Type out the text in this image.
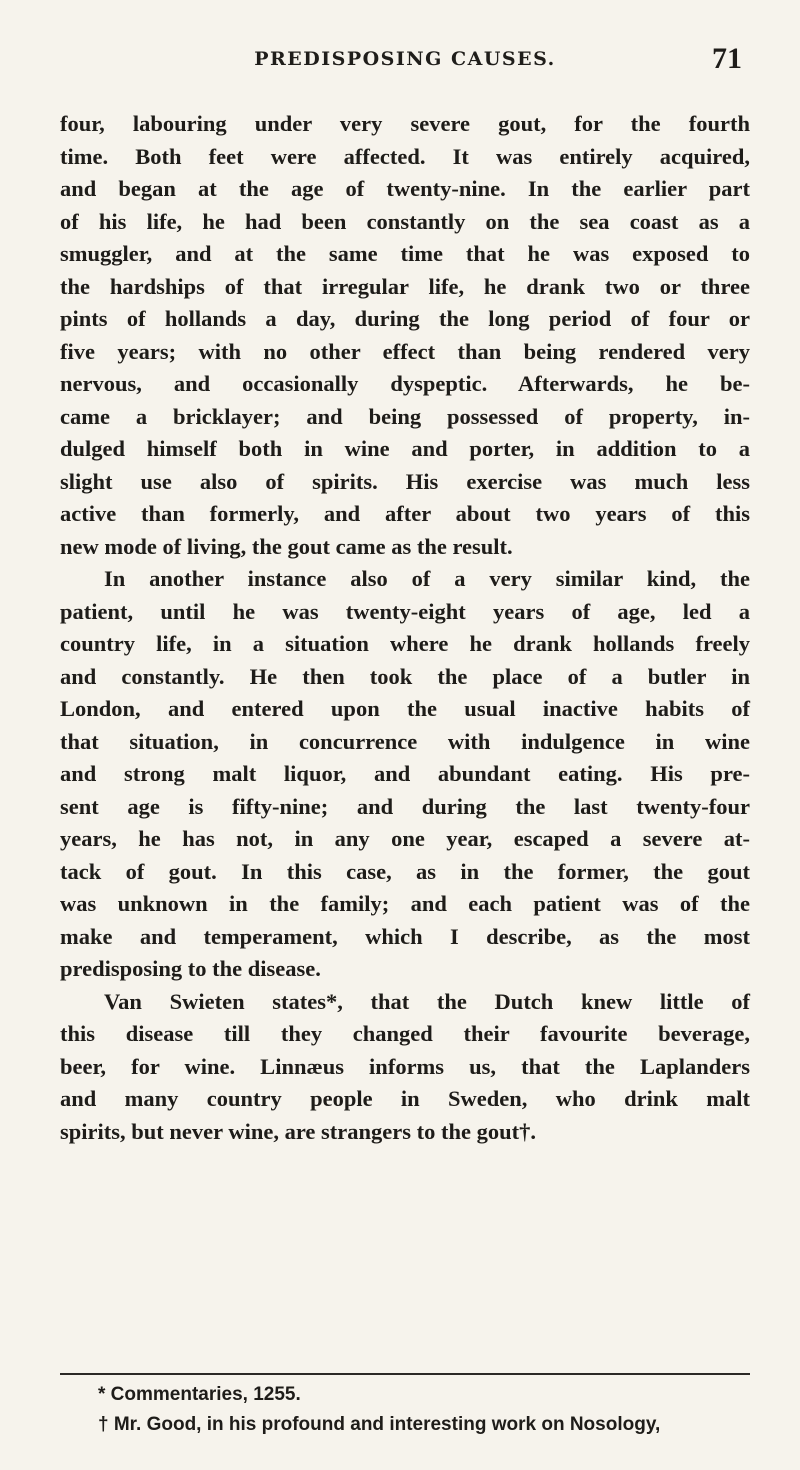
PREDISPOSING CAUSES.	71
four, labouring under very severe gout, for the fourth
time. Both feet were affected. It was entirely acquired,
and began at the age of twenty-nine. In the earlier part
of his life, he had been constantly on the sea coast as a
smuggler, and at the same time that he was exposed to
the hardships of that irregular life, he drank two or three
pints of hollands a day, during the long period of four or
five years; with no other effect than being rendered very
nervous, and occasionally dyspeptic. Afterwards, he be-
came a bricklayer; and being possessed of property, in-
dulged himself both in wine and porter, in addition to a
slight use also of spirits. His exercise was much less
active than formerly, and after about two years of this
new mode of living, the gout came as the result.
In another instance also of a very similar kind, the
patient, until he was twenty-eight years of age, led a
country life, in a situation where he drank hollands freely
and constantly. He then took the place of a butler in
London, and entered upon the usual inactive habits of
that situation, in concurrence with indulgence in wine
and strong malt liquor, and abundant eating. His pre-
sent age is fifty-nine; and during the last twenty-four
years, he has not, in any one year, escaped a severe at-
tack of gout. In this case, as in the former, the gout
was unknown in the family; and each patient was of the
make and temperament, which I describe, as the most
predisposing to the disease.
Van Swieten states*, that the Dutch knew little of
this disease till they changed their favourite beverage,
beer, for wine. Linnæus informs us, that the Laplanders
and many country people in Sweden, who drink malt
spirits, but never wine, are strangers to the gout†.
* Commentaries, 1255.
† Mr. Good, in his profound and interesting work on Nosology,
